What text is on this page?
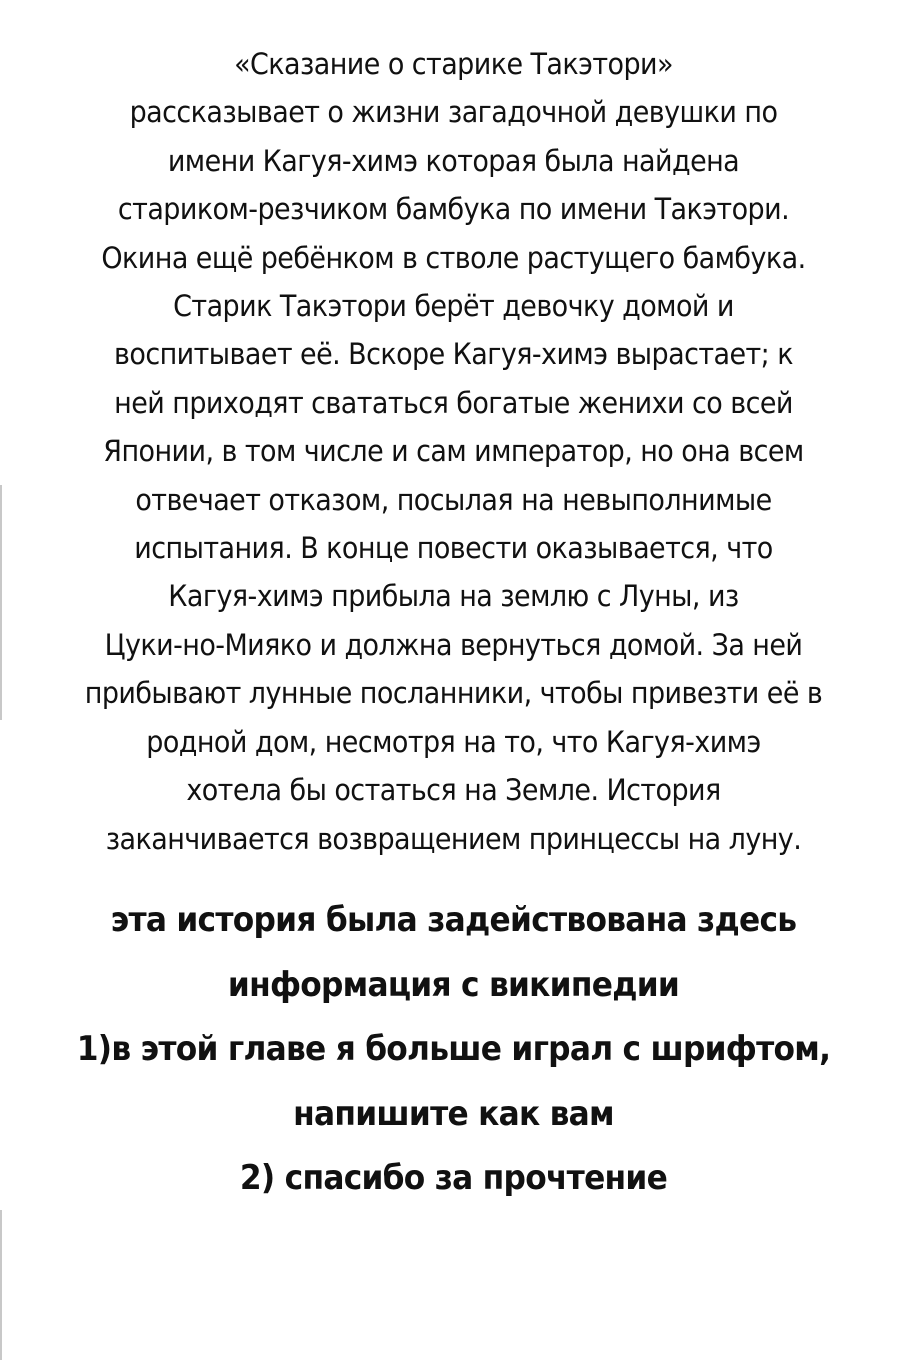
«Сказание о старике Такэтори»
рассказывает о жизни загадочной девушки по
имени Кагуя-химэ которая была найдена
стариком-резчиком бамбука по имени Такэтори.
Окина ещё ребёнком в стволе растущего бамбука.
Старик Такэтори берёт девочку домой и
воспитывает её. Вскоре Кагуя-химэ вырастает; к
ней приходят свататься богатые женихи со всей
Японии, в том числе и сам император, но она всем
отвечает отказом, посылая на невыполнимые
испытания. В конце повести оказывается, что
Кагуя-химэ прибыла на землю с Луны, из
Цуки-но-Мияко и должна вернуться домой. За ней
прибывают лунные посланники, чтобы привезти её в
родной дом, несмотря на то, что Кагуя-химэ
хотела бы остаться на Земле. История
заканчивается возвращением принцессы на луну.
эта история была задействована здесь
информация с википедии
1)в этой главе я больше играл с шрифтом,
напишите как вам
2) спасибо за прочтение
